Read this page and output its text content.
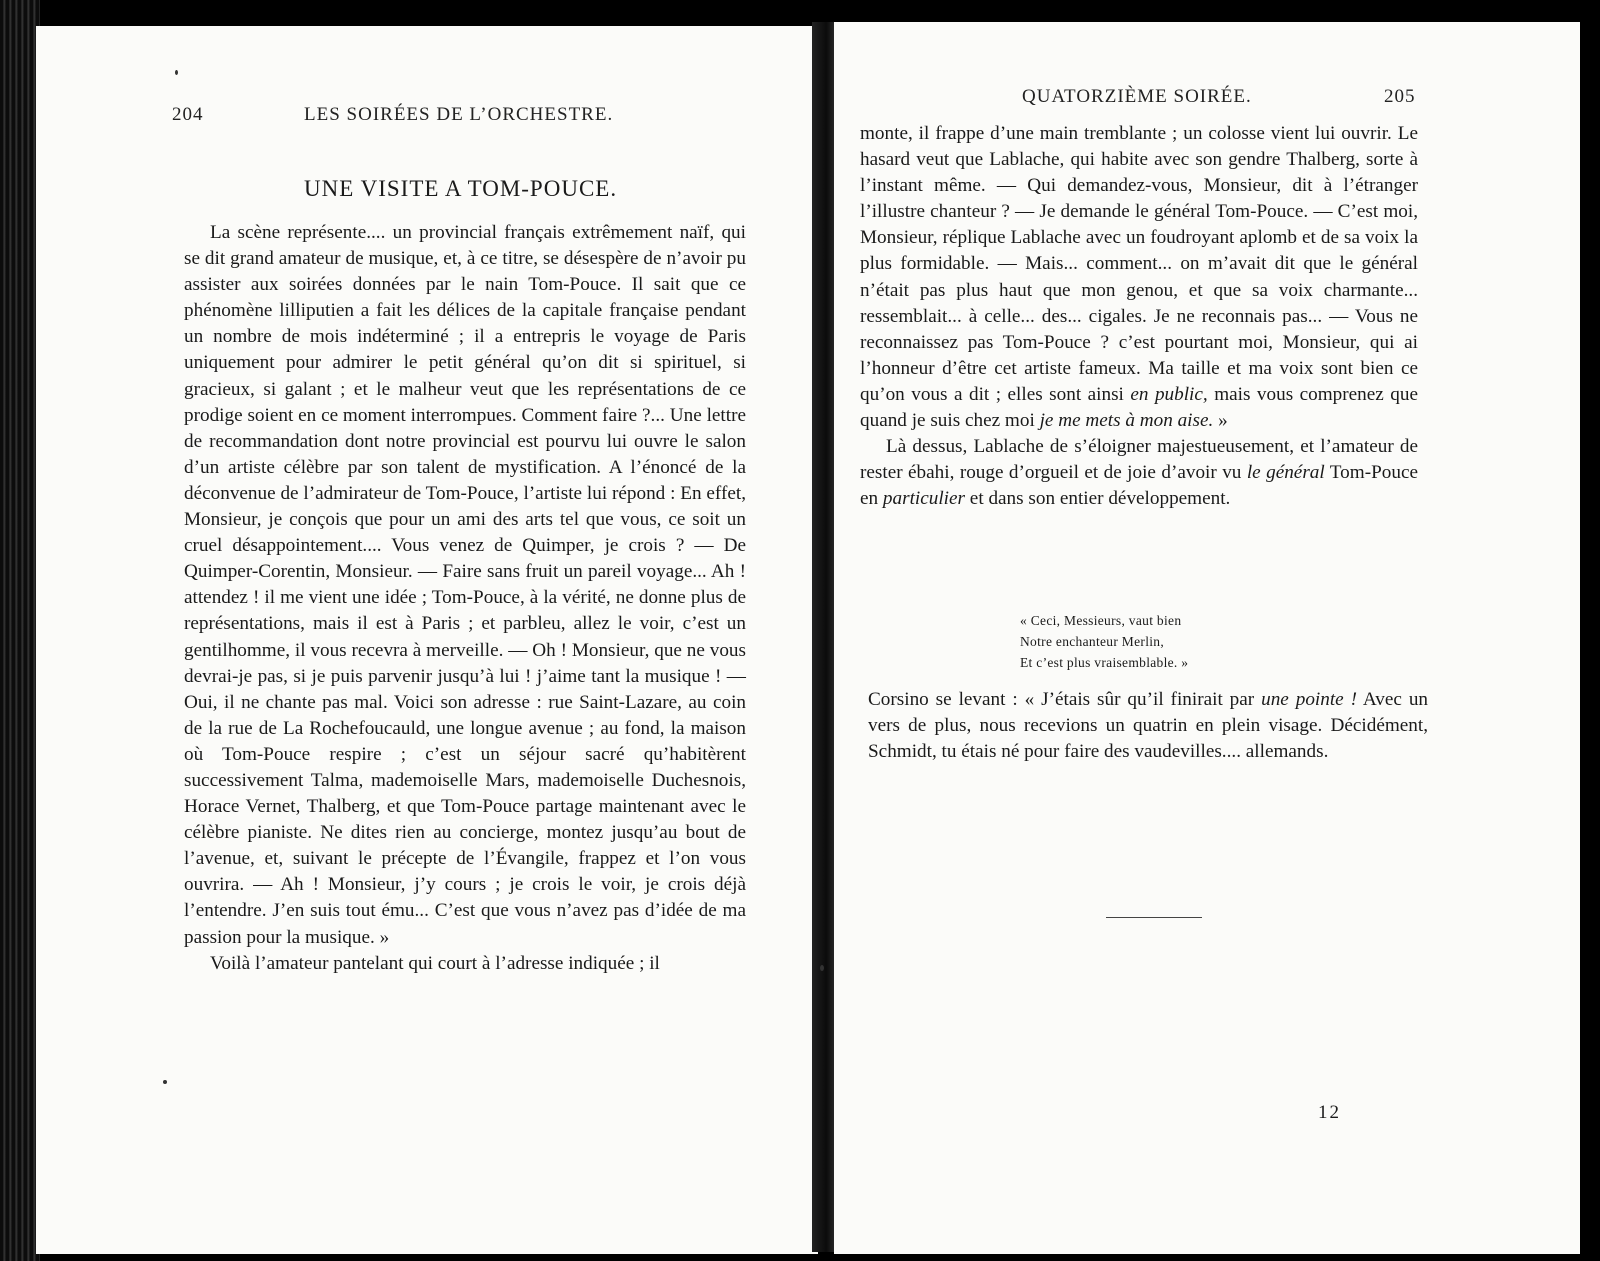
204	LES SOIRÉES DE L’ORCHESTRE.
UNE VISITE A TOM-POUCE.

La scène représente.... un provincial français extrêmement naïf, qui se dit grand amateur de musique, et, à ce titre, se désespère de n’avoir pu assister aux soirées données par le nain Tom-Pouce. Il sait que ce phénomène lilliputien a fait les délices de la capitale française pendant un nombre de mois indéterminé ; il a entrepris le voyage de Paris uniquement pour admirer le petit général qu’on dit si spirituel, si gracieux, si galant ; et le malheur veut que les représentations de ce prodige soient en ce moment interrompues. Comment faire ?... Une lettre de recommandation dont notre provincial est pourvu lui ouvre le salon d’un artiste célèbre par son talent de mystification. A l’énoncé de la déconvenue de l’admirateur de Tom-Pouce, l’artiste lui répond : En effet, Monsieur, je conçois que pour un ami des arts tel que vous, ce soit un cruel désappointement.... Vous venez de Quimper, je crois ? — De Quimper-Corentin, Monsieur. — Faire sans fruit un pareil voyage... Ah ! attendez ! il me vient une idée ; Tom-Pouce, à la vérité, ne donne plus de représentations, mais il est à Paris ; et parbleu, allez le voir, c’est un gentilhomme, il vous recevra à merveille. — Oh ! Monsieur, que ne vous devrai-je pas, si je puis parvenir jusqu’à lui ! j’aime tant la musique ! — Oui, il ne chante pas mal. Voici son adresse : rue Saint-Lazare, au coin de la rue de La Rochefoucauld, une longue avenue ; au fond, la maison où Tom-Pouce respire ; c’est un séjour sacré qu’habitèrent successivement Talma, mademoiselle Mars, mademoiselle Duchesnois, Horace Vernet, Thalberg, et que Tom-Pouce partage maintenant avec le célèbre pianiste. Ne dites rien au concierge, montez jusqu’au bout de l’avenue, et, suivant le précepte de l’Évangile, frappez et l’on vous ouvrira. — Ah ! Monsieur, j’y cours ; je crois le voir, je crois déjà l’entendre. J’en suis tout ému... C’est que vous n’avez pas d’idée de ma passion pour la musique. »

Voilà l’amateur pantelant qui court à l’adresse indiquée ; il

QUATORZIÈME SOIRÉE.	205

monte, il frappe d’une main tremblante ; un colosse vient lui ouvrir. Le hasard veut que Lablache, qui habite avec son gendre Thalberg, sorte à l’instant même. — Qui demandez-vous, Monsieur, dit à l’étranger l’illustre chanteur ? — Je demande le général Tom-Pouce. — C’est moi, Monsieur, réplique Lablache avec un foudroyant aplomb et de sa voix la plus formidable. — Mais... comment... on m’avait dit que le général n’était pas plus haut que mon genou, et que sa voix charmante... ressemblait... à celle... des... cigales. Je ne reconnais pas... — Vous ne reconnaissez pas Tom-Pouce ? c’est pourtant moi, Monsieur, qui ai l’honneur d’être cet artiste fameux. Ma taille et ma voix sont bien ce qu’on vous a dit ; elles sont ainsi en public, mais vous comprenez que quand je suis chez moi je me mets à mon aise. »

Là dessus, Lablache de s’éloigner majestueusement, et l’amateur de rester ébahi, rouge d’orgueil et de joie d’avoir vu le général Tom-Pouce en particulier et dans son entier développement.

« Ceci, Messieurs, vaut bien
Notre enchanteur Merlin,
Et c’est plus vraisemblable. »

Corsino se levant : « J’étais sûr qu’il finirait par une pointe ! Avec un vers de plus, nous recevions un quatrin en plein visage. Décidément, Schmidt, tu étais né pour faire des vaudevilles.... allemands.

12
